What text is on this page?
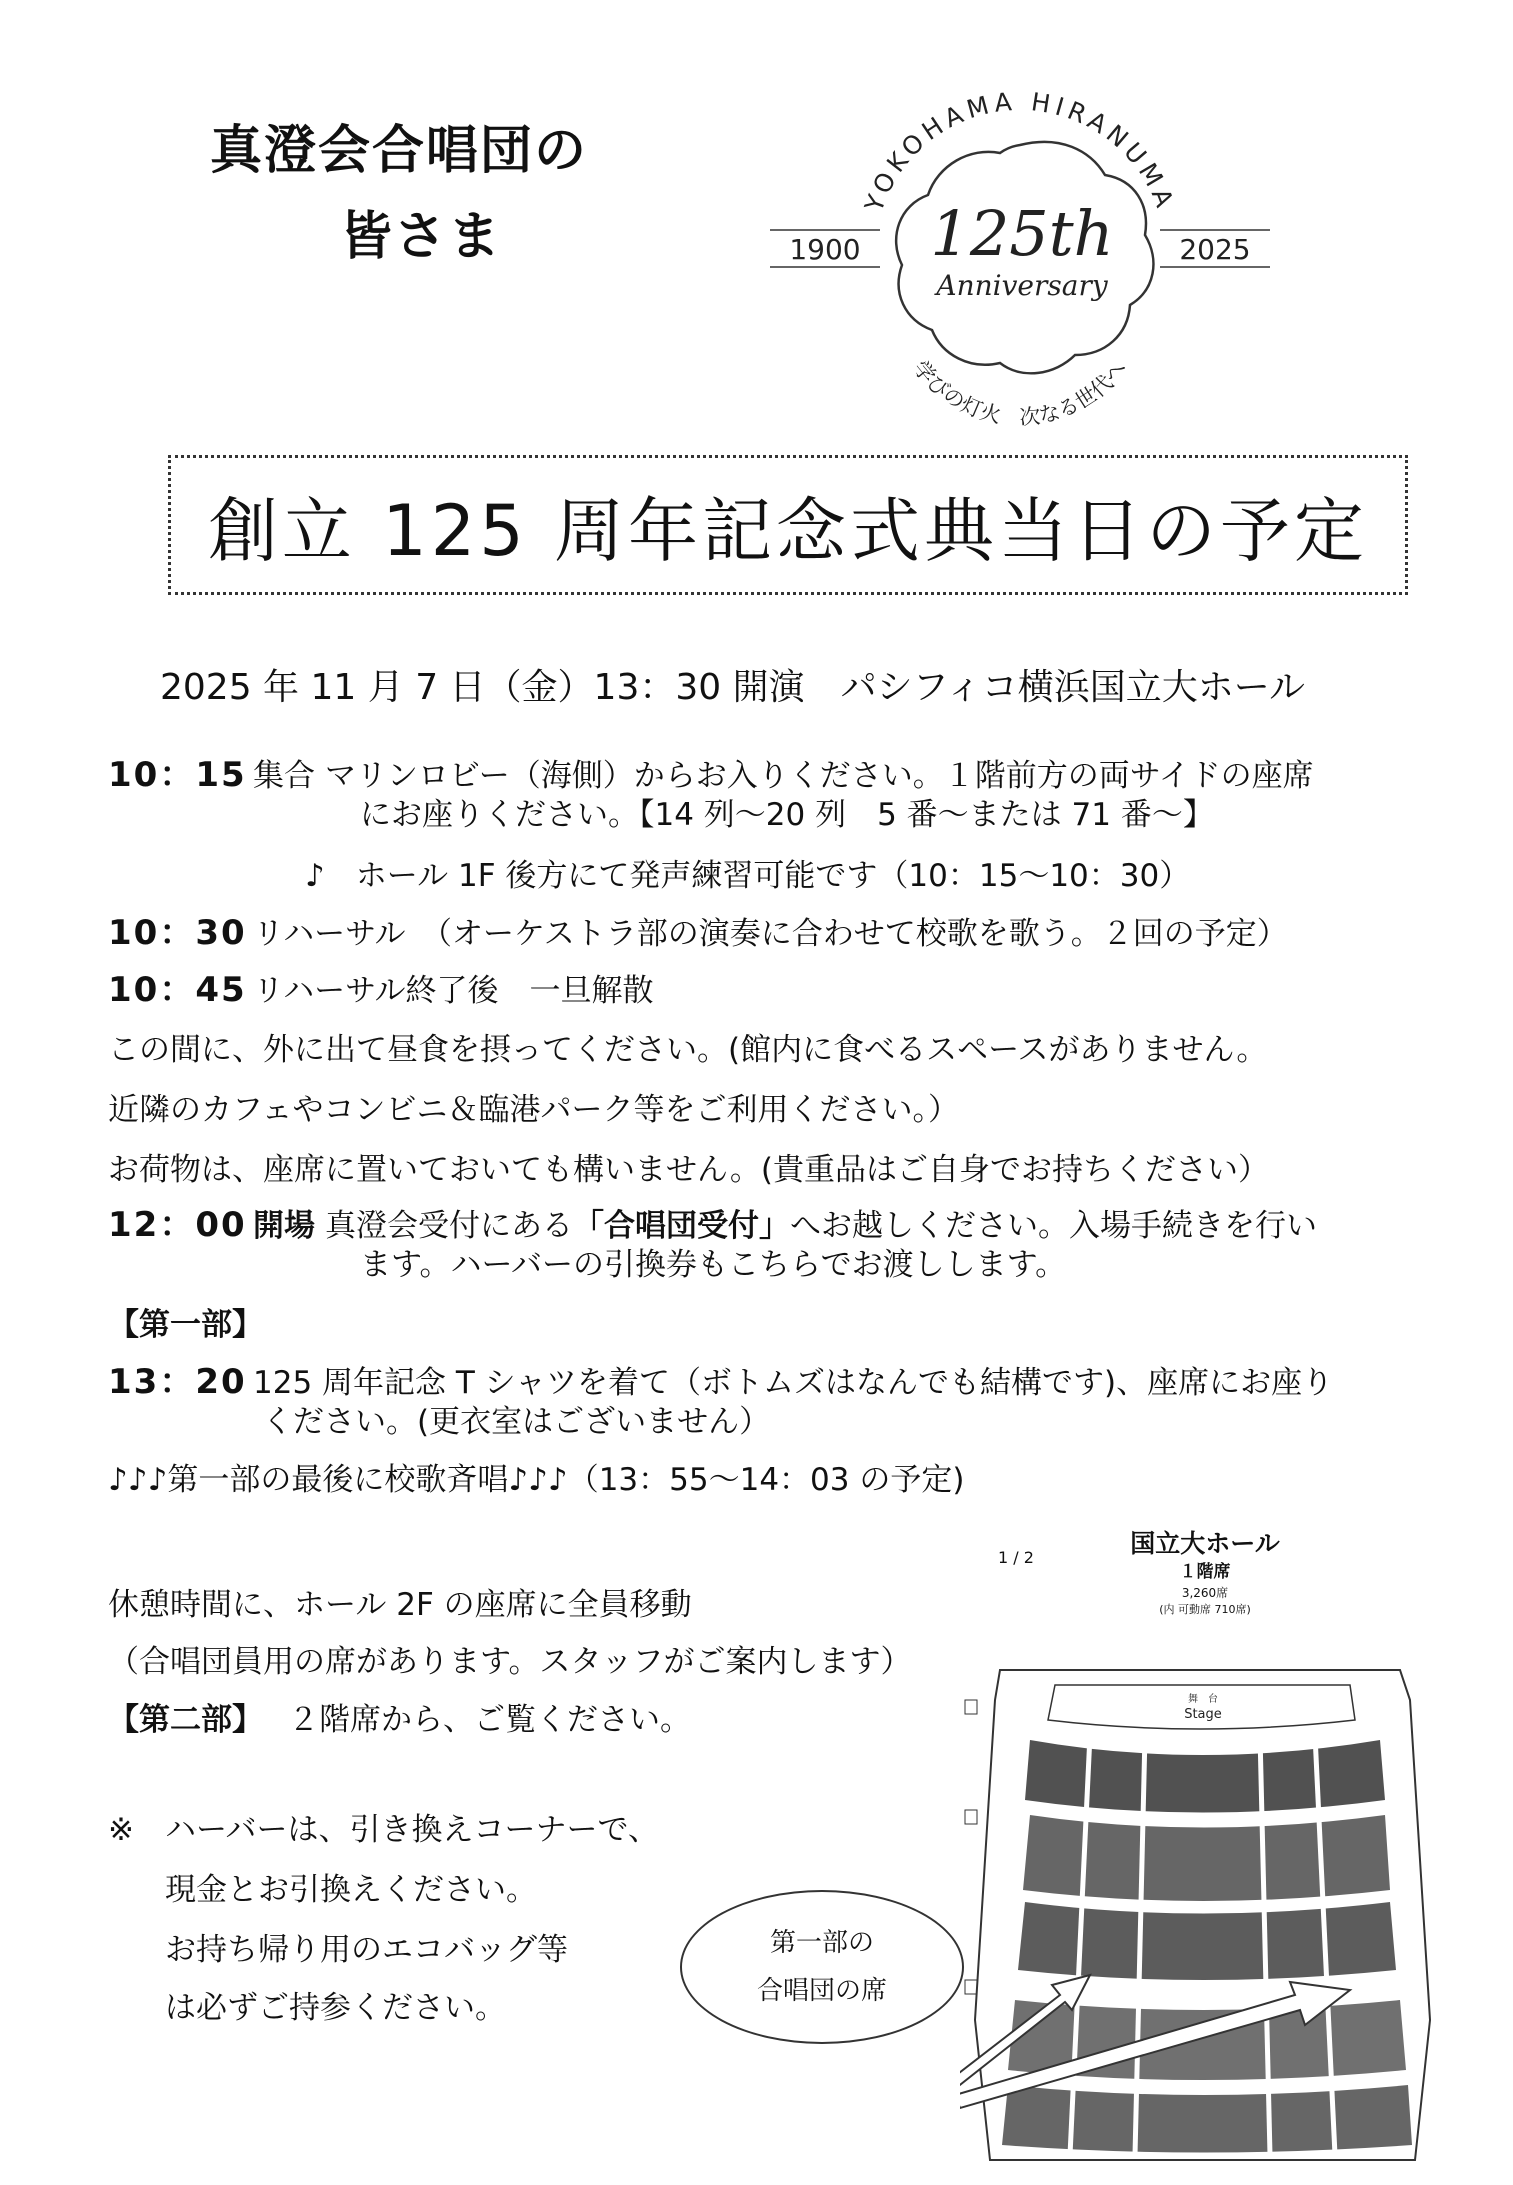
真澄会合唱団の
皆さま
YOKOHAMA HIRANUMA
125th
Anniversary
1900	2025
学びの灯火　次なる世代へ
創立 125 周年記念式典当日の予定
2025 年 11 月 7 日（金）13：30 開演　パシフィコ横浜国立大ホール
10：15 集合 マリンロビー（海側）からお入りください。１階前方の両サイドの座席
にお座りください。【14 列～20 列　5 番～または 71 番～】
♪　ホール 1F 後方にて発声練習可能です（10：15～10：30）
10：30 リハーサル　（オーケストラ部の演奏に合わせて校歌を歌う。２回の予定）
10：45 リハーサル終了後　一旦解散
この間に、外に出て昼食を摂ってください。(館内に食べるスペースがありません。
近隣のカフェやコンビニ＆臨港パーク等をご利用ください。）
お荷物は、座席に置いておいても構いません。(貴重品はご自身でお持ちください）
12：00 開場 真澄会受付にある「合唱団受付」へお越しください。入場手続きを行い
ます。ハーバーの引換券もこちらでお渡しします。
【第一部】
13：20 125 周年記念 T シャツを着て（ボトムズはなんでも結構です)、座席にお座り
ください。(更衣室はございません）
♪♪♪第一部の最後に校歌斉唱♪♪♪（13：55～14：03 の予定)
休憩時間に、ホール 2F の座席に全員移動
（合唱団員用の席があります。スタッフがご案内します）
【第二部】 ２階席から、ご覧ください。
※ ハーバーは、引き換えコーナーで、
現金とお引換えください。
お持ち帰り用のエコバッグ等
は必ずご持参ください。
1 / 2	国立大ホール
１階席
3,260席
(内 可動席 710席)
舞　台
Stage
第一部の
合唱団の席
